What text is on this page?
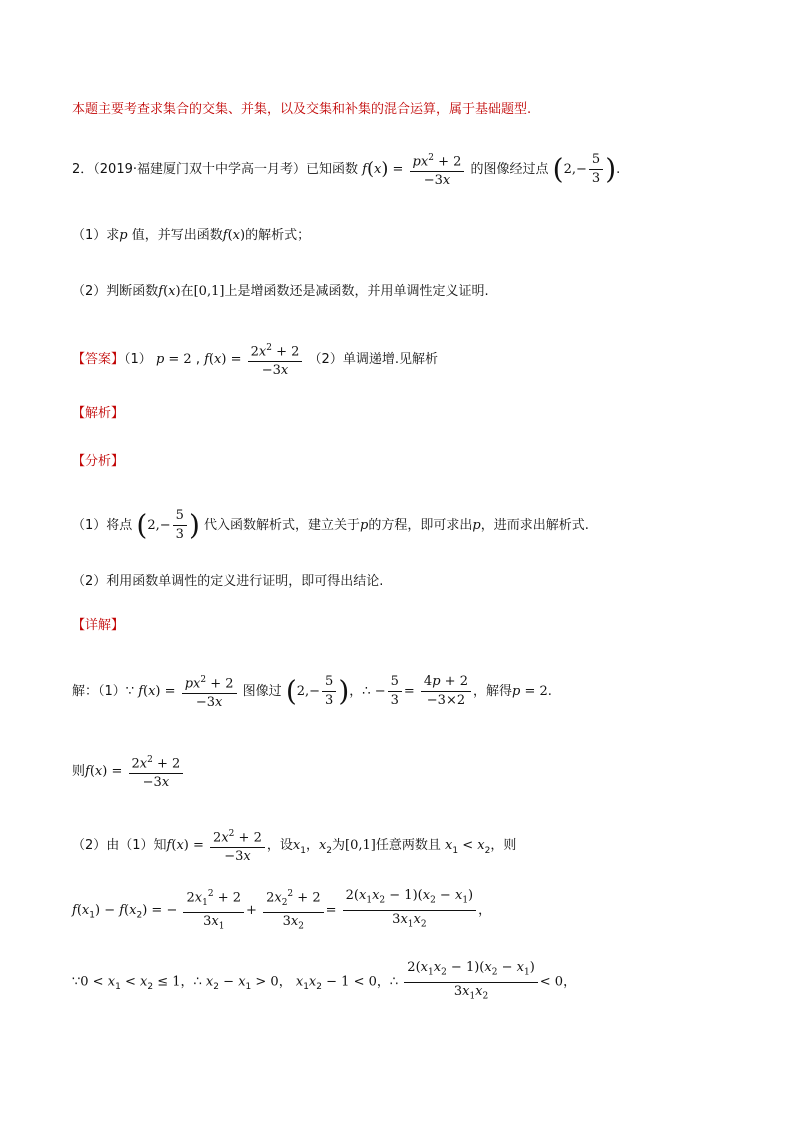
本题主要考查求集合的交集、并集，以及交集和补集的混合运算，属于基础题型.
2．（2019·福建厦门双十中学高一月考）已知函数 $f(x) = \frac{px^2 + 2}{-3x}$ 的图像经过点 ($2,- \frac{5}{3}$ ).
（1）求p 值，并写出函数f(x)的解析式；
（2）判断函数f(x)在[0,1]上是增函数还是减函数，并用单调性定义证明.
【答案】（1） p = 2 , $f(x) = \frac{2x^2 + 2}{-3x} (2)$单调递增.见解析
【解析】
【分析】
（1）将点 ($2,- \frac{5}{3}$ ) 代入函数解析式，建立关于p的方程，即可求出p，进而求出解析式.
（2）利用函数单调性的定义进行证明，即可得出结论.
【详解】
解：（1）∵ $f(x) = \frac{px^2 + 2}{-3x}$ 图像过 ($2,- \frac{5}{3}$ )，∴ − $\frac{5}{3} = \frac{4p + 2}{-3\times 2}$ ，解得p = 2.
则$f(x) = \frac{2x^2 + 2}{-3x}$
（2）由（1）知$f(x) = \frac{2x^2 + 2}{-3x}$ ，设$x_1$，$x_2$为[0,1]任意两数且 $x_1 < x_2$，则
$f(x_1) - f(x_2)$ = − $\frac{2x_1^2 + 2}{3x_1} + \frac{2x_2^2 + 2}{3x_2} = \frac{2(x_1x_2 - 1)(x_2 - x_1)}{3x_1x_2}$ ，
∵0 < $x_1 < x_2 \le 1$，∴ $x_2 - x_1 > 0$， $x_1x_2 - 1 < 0$，∴ $\frac{2(x_1x_2 - 1)(x_2 - x_1)}{3x_1x_2} < 0$，
